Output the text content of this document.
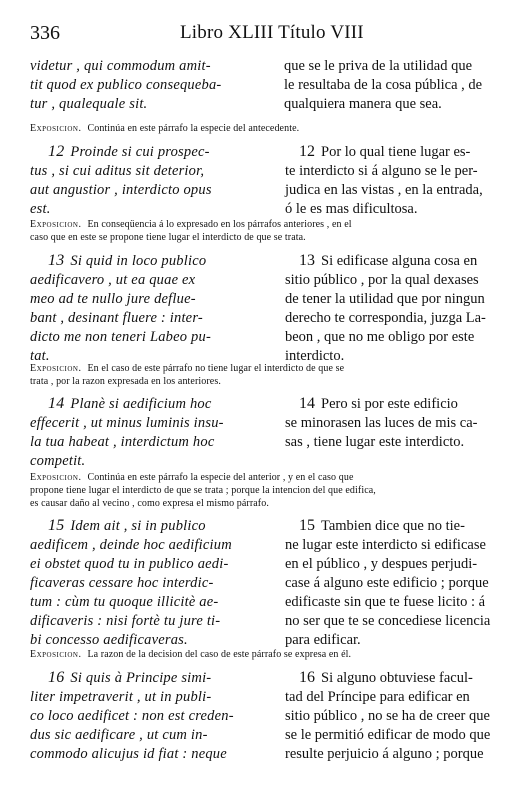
336	Libro XLIII Título VIII
videtur , qui commodum amit-
tit quod ex publico consequeba-
tur , qualequale sit.
que se le priva de la utilidad que
le resultaba de la cosa pública , de
qualquiera manera que sea.
Exposicion. Continúa en este párrafo la especie del antecedente.
12 Proinde si cui prospec-
tus , si cui aditus sit deterior,
aut angustior , interdicto opus
est.
12 Por lo qual tiene lugar es-
te interdicto si á alguno se le per-
judica en las vistas , en la entrada,
ó le es mas dificultosa.
Exposicion. En conseqüencia á lo expresado en los párrafos anteriores , en el
caso que en este se propone tiene lugar el interdicto de que se trata.
13 Si quid in loco publico
aedificavero , ut ea quae ex
meo ad te nullo jure deflue-
bant , desinant fluere : inter-
dicto me non teneri Labeo pu-
tat.
13 Si edificase alguna cosa en
sitio público , por la qual dexases
de tener la utilidad que por ningun
derecho te correspondia, juzga La-
beon , que no me obligo por este
interdicto.
Exposicion. En el caso de este párrafo no tiene lugar el interdicto de que se
trata , por la razon expresada en los anteriores.
14 Planè si aedificium hoc
effecerit , ut minus luminis insu-
la tua habeat , interdictum hoc
competit.
14 Pero si por este edificio
se minorasen las luces de mis ca-
sas , tiene lugar este interdicto.
Exposicion. Continúa en este párrafo la especie del anterior , y en el caso que
propone tiene lugar el interdicto de que se trata ; porque la intencion del que edifica,
es causar daño al vecino , como expresa el mismo párrafo.
15 Idem ait , si in publico
aedificem , deinde hoc aedificium
ei obstet quod tu in publico aedi-
ficaveras cessare hoc interdic-
tum : cùm tu quoque illicitè ae-
dificaveris : nisi fortè tu jure ti-
bi concesso aedificaveras.
15 Tambien dice que no tie-
ne lugar este interdicto si edificase
en el público , y despues perjudi-
case á alguno este edificio ; porque
edificaste sin que te fuese licito : á
no ser que te se concediese licencia
para edificar.
Exposicion. La razon de la decision del caso de este párrafo se expresa en él.
16 Si quis à Principe simi-
liter impetraverit , ut in publi-
co loco aedificet : non est creden-
dus sic aedificare , ut cum in-
commodo alicujus id fiat : neque
16 Si alguno obtuviese facul-
tad del Príncipe para edificar en
sitio público , no se ha de creer que
se le permitió edificar de modo que
resulte perjuicio á alguno ; porque
